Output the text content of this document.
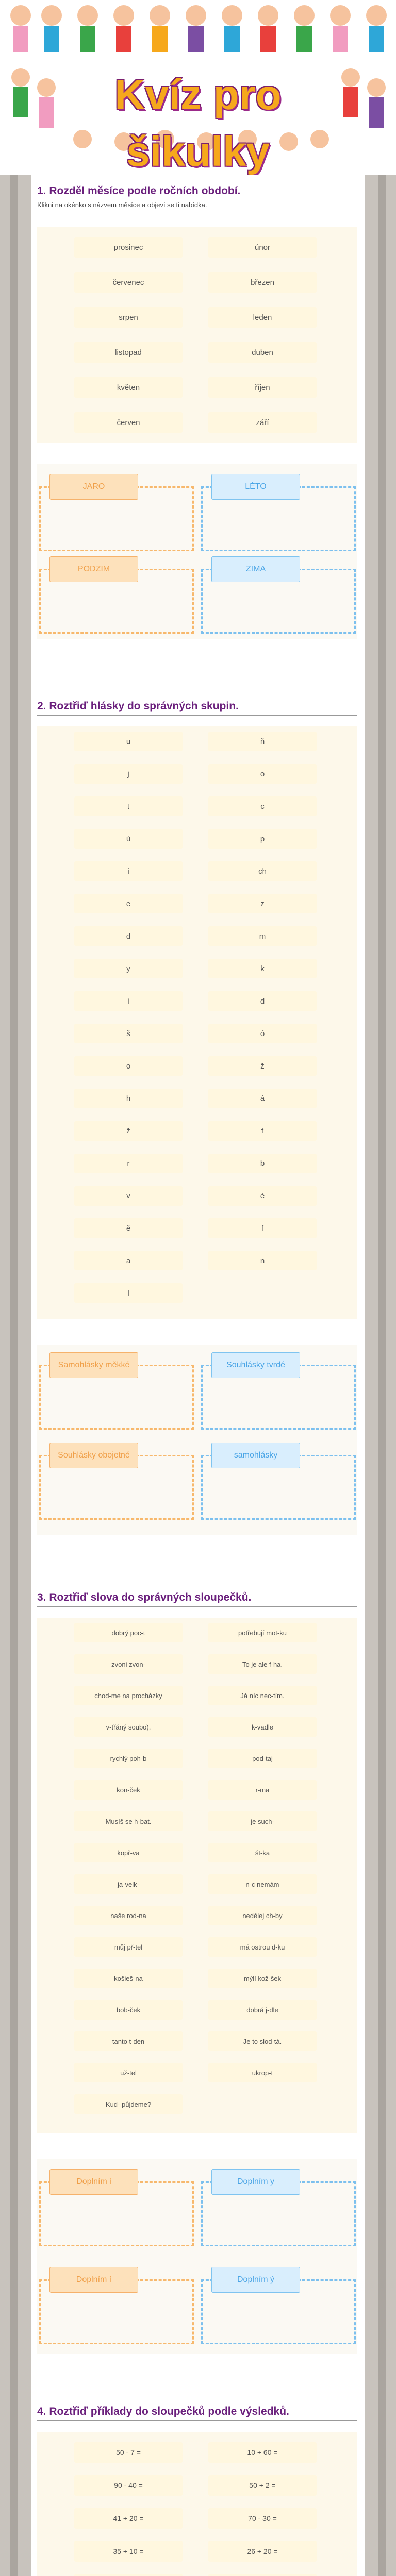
Kvíz pro šikulky
1. Rozděl měsíce podle ročních období.
Klikni na okénko s názvem měsíce a objeví se ti nabídka.
2. Roztřiď hlásky do správných skupin.
3. Roztřiď slova do správných sloupečků.
4. Roztřiď příklady do sloupečků podle výsledků.
prosinec	únor
červenec	březen
srpen	leden
listopad	duben
květen	říjen
červen	září
JARO	LÉTO
PODZIM	ZIMA
u	ň
j	o
t	c
ú	p
i	ch
e	z
d	m
y	k
í	d
š	ó
o	ž
h	á
ž	f
r	b
v	é
ě	f
a	n
l
Samohlásky měkké	Souhlásky tvrdé
Souhlásky obojetné	samohlásky
dobrý poc-t	potřebují mot-ku
zvoni zvon-	To je ale f-ha.
chod-me na procházky	Já níc nec-tím.
v-třáný soubo),	k-vadle
rychlý poh-b	pod-taj
kon-ček	r-ma
Musíš se h-bat.	je such-
kopř-va	št-ka
ja-velk-	n-c nemám
naše rod-na	nedělej ch-by
můj př-tel	má ostrou d-ku
košieš-na	mýlí kož-šek
bob-ček	dobrá j-dle
tanto t-den	Je to slod-tá.
už-tel	ukrop-t
Kud- půjdeme?
Doplním i	Doplním y
Doplním í	Doplním ý
50 - 7 =	10 + 60 =
90 - 40 =	50 + 2 =
41 + 20 =	70 - 30 =
35 + 10 =	26 + 20 =
